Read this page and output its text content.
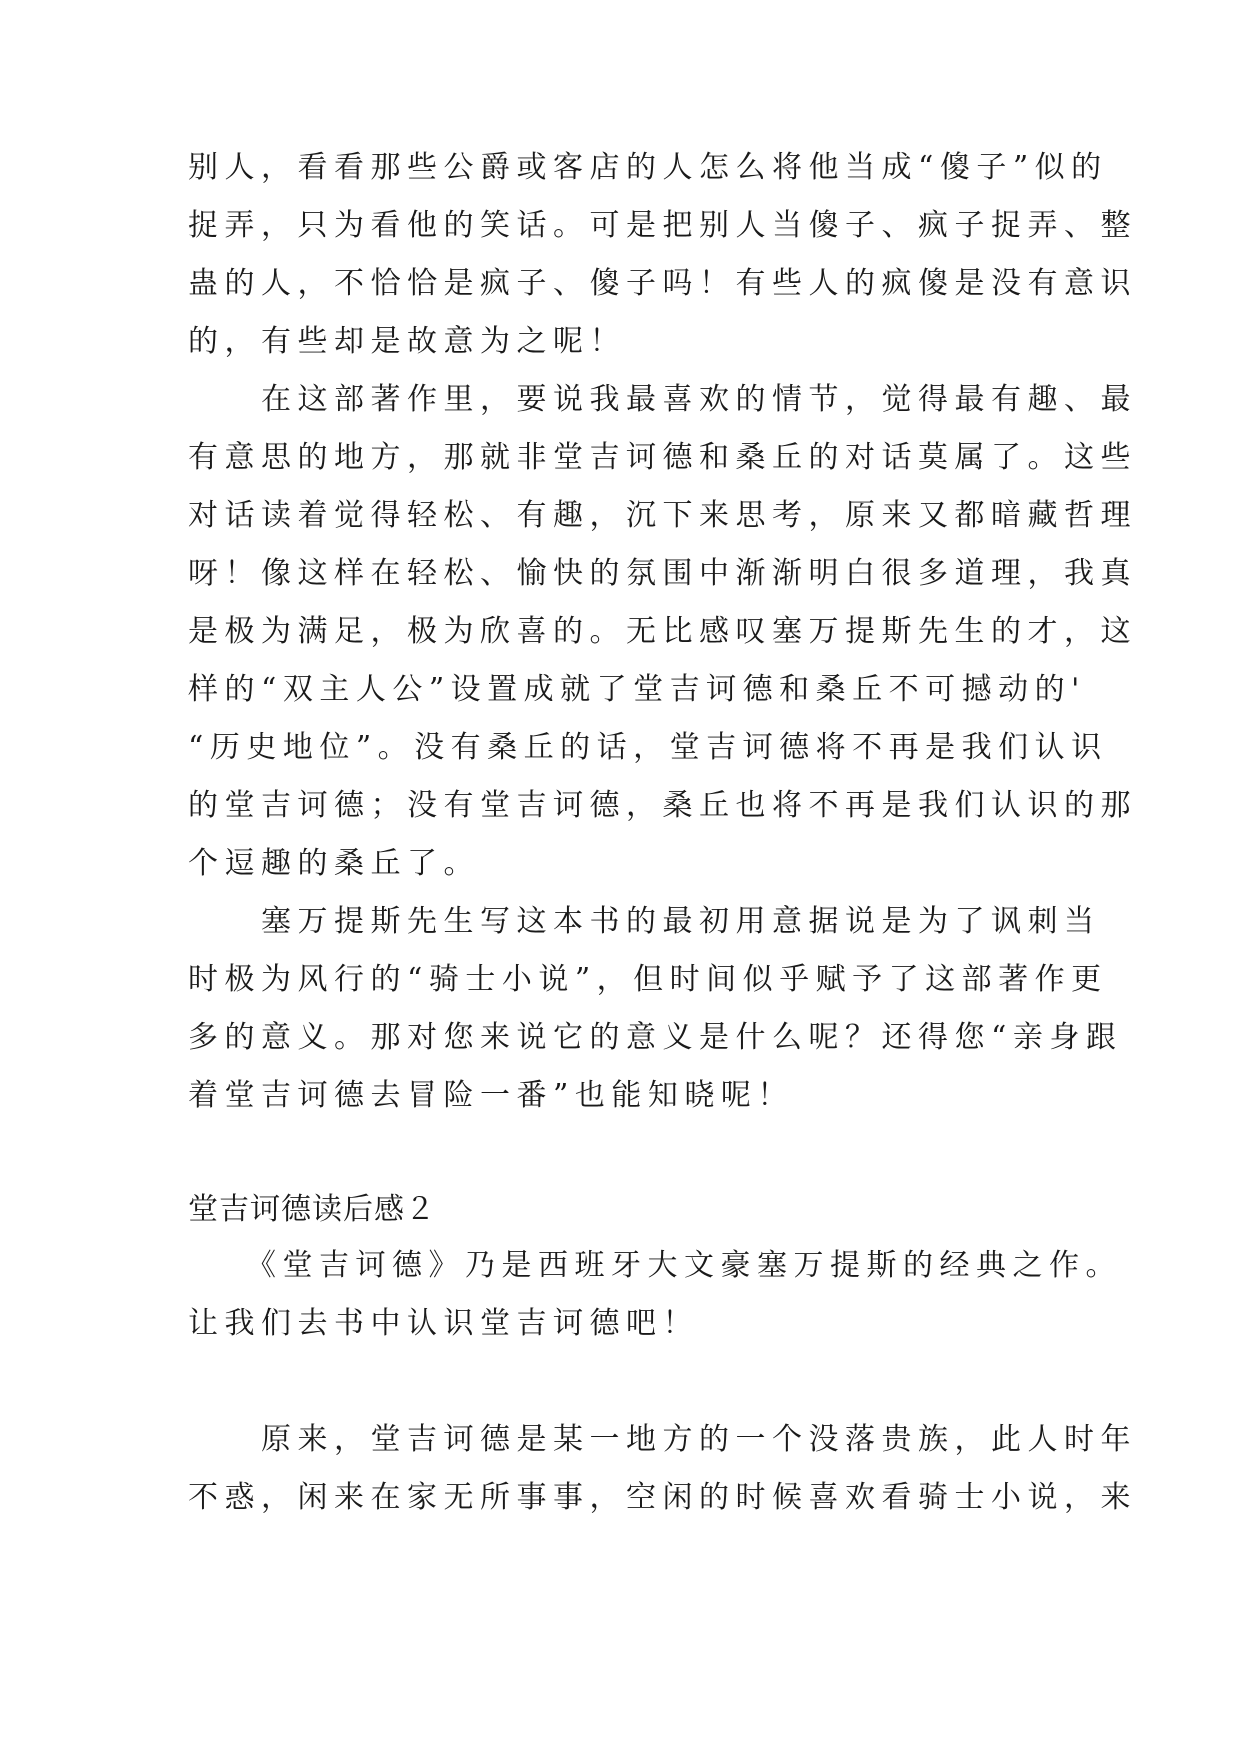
别人，看看那些公爵或客店的人怎么将他当成“傻子”似的
捉弄，只为看他的笑话。可是把别人当傻子、疯子捉弄、整
蛊的人，不恰恰是疯子、傻子吗！有些人的疯傻是没有意识
的，有些却是故意为之呢！
　　在这部著作里，要说我最喜欢的情节，觉得最有趣、最
有意思的地方，那就非堂吉诃德和桑丘的对话莫属了。这些
对话读着觉得轻松、有趣，沉下来思考，原来又都暗藏哲理
呀！像这样在轻松、愉快的氛围中渐渐明白很多道理，我真
是极为满足，极为欣喜的。无比感叹塞万提斯先生的才，这
样的“双主人公”设置成就了堂吉诃德和桑丘不可撼动的'
“历史地位”。没有桑丘的话，堂吉诃德将不再是我们认识
的堂吉诃德；没有堂吉诃德，桑丘也将不再是我们认识的那
个逗趣的桑丘了。
　　塞万提斯先生写这本书的最初用意据说是为了讽刺当
时极为风行的“骑士小说”，但时间似乎赋予了这部著作更
多的意义。那对您来说它的意义是什么呢？还得您“亲身跟
着堂吉诃德去冒险一番”也能知晓呢！
堂吉诃德读后感２
　　《堂吉诃德》乃是西班牙大文豪塞万提斯的经典之作。
让我们去书中认识堂吉诃德吧！
　　原来，堂吉诃德是某一地方的一个没落贵族，此人时年
不惑，闲来在家无所事事，空闲的时候喜欢看骑士小说，来
